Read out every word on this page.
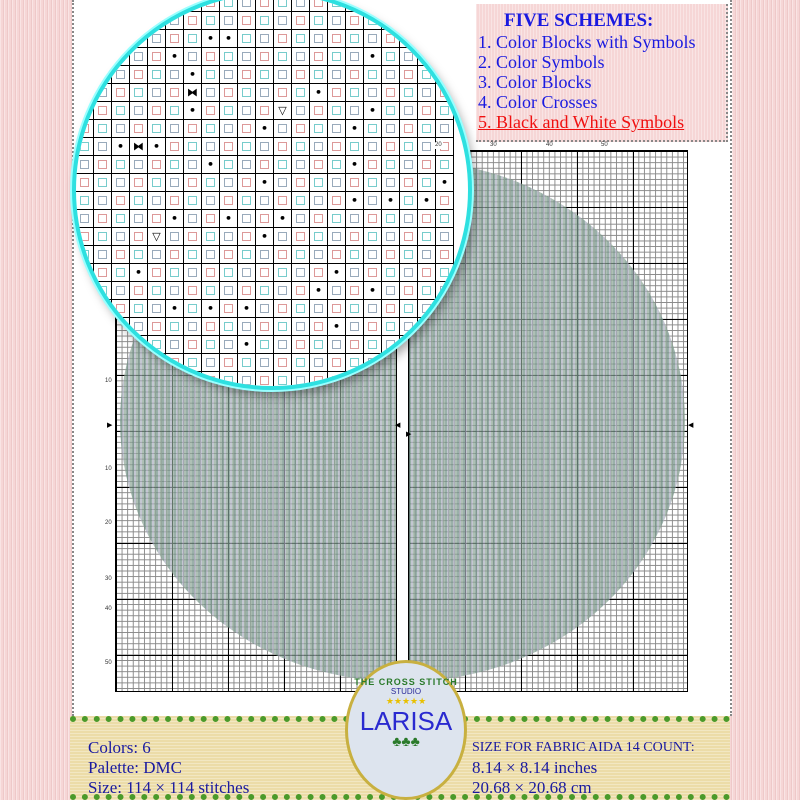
20	30	40	50
10
10
20
30
40
50
▶	◀
▶
◀
• •
•	•
•
⧓	•
•	▽	•
•	•
• ⧓ •
•	•
•	•
•	•	•
•	•	•
▽	•
•	•
•	•
•	•	•
•
•
FIVE SCHEMES:
1. Color Blocks with Symbols
2. Color Symbols
3. Color Blocks
4. Color Crosses
5. Black and White Symbols
Colors: 6
Palette: DMC
Size: 114 × 114 stitches
SIZE FOR FABRIC AIDA 14 COUNT:
8.14 × 8.14 inches
20.68 × 20.68 cm
THE CROSS STITCH
STUDIO
★★★★★
LARISA
♣♣♣
